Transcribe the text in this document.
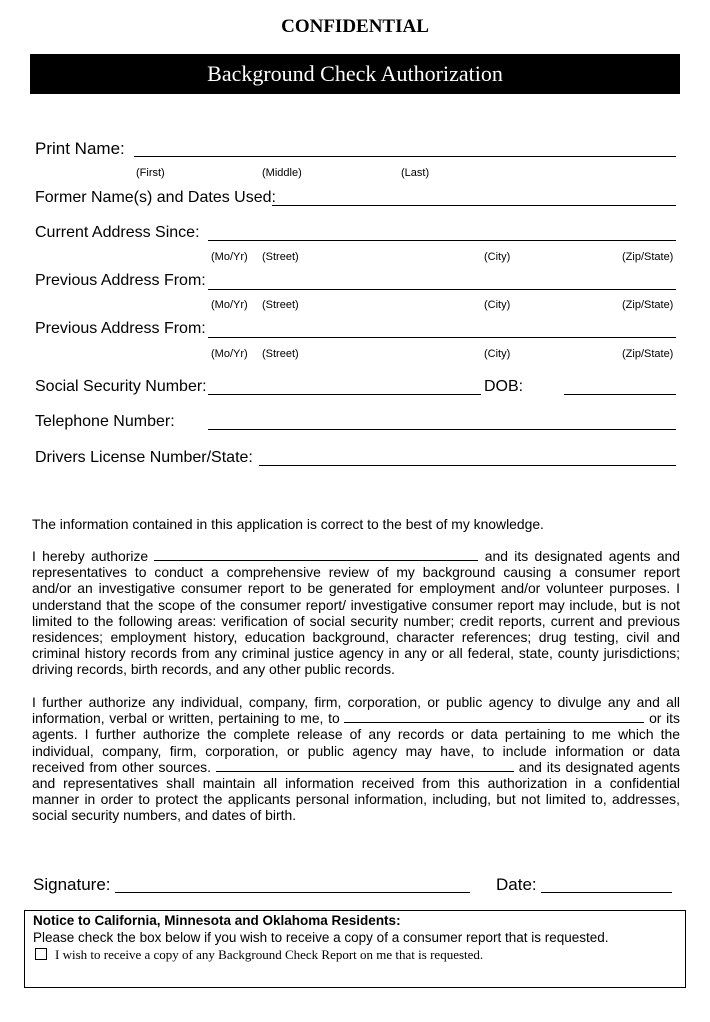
CONFIDENTIAL
Background Check Authorization
Print Name:
(First)	(Middle)	(Last)
Former Name(s) and Dates Used:
Current Address Since:
(Mo/Yr) (Street)	(City)	(Zip/State)
Previous Address From:
(Mo/Yr) (Street)	(City)	(Zip/State)
Previous Address From:
(Mo/Yr) (Street)	(City)	(Zip/State)
Social Security Number:	DOB:
Telephone Number:
Drivers License Number/State:
The information contained in this application is correct to the best of my knowledge.
I hereby authorize	and its designated agents and
representatives to conduct a comprehensive review of my background causing a consumer report
and/or an investigative consumer report to be generated for employment and/or volunteer purposes. I
understand that the scope of the consumer report/ investigative consumer report may include, but is not
limited to the following areas: verification of social security number; credit reports, current and previous
residences; employment history, education background, character references; drug testing, civil and
criminal history records from any criminal justice agency in any or all federal, state, county jurisdictions;
driving records, birth records, and any other public records.
I further authorize any individual, company, firm, corporation, or public agency to divulge any and all
information, verbal or written, pertaining to me, to	or its
agents. I further authorize the complete release of any records or data pertaining to me which the
individual, company, firm, corporation, or public agency may have, to include information or data
received from other sources.	and its designated agents
and representatives shall maintain all information received from this authorization in a confidential
manner in order to protect the applicants personal information, including, but not limited to, addresses,
social security numbers, and dates of birth.
Signature:	Date:
Notice to California, Minnesota and Oklahoma Residents:
Please check the box below if you wish to receive a copy of a consumer report that is requested.
I wish to receive a copy of any Background Check Report on me that is requested.
